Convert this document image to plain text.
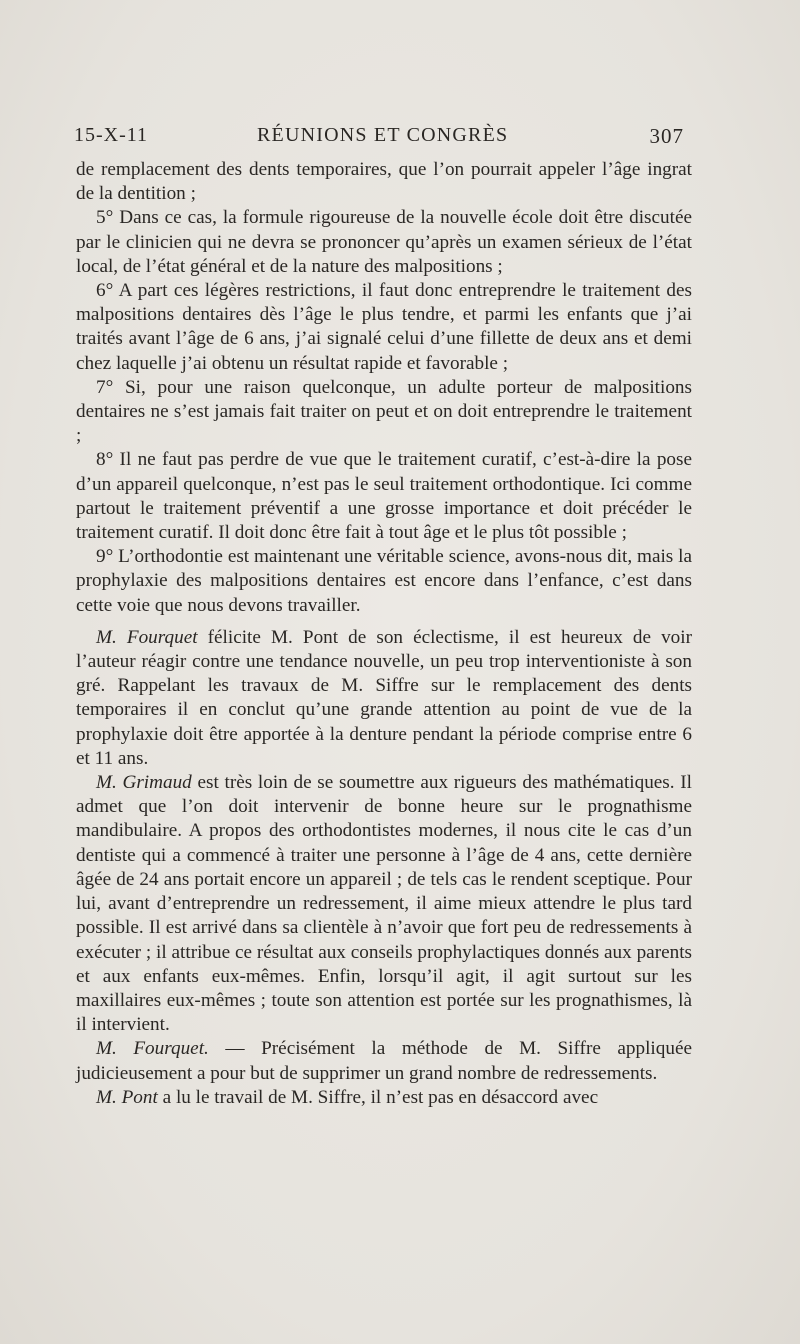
15-X-11	RÉUNIONS ET CONGRÈS	307

de remplacement des dents temporaires, que l’on pourrait appeler l’âge ingrat de la dentition ;

5° Dans ce cas, la formule rigoureuse de la nouvelle école doit être discutée par le clinicien qui ne devra se prononcer qu’après un examen sérieux de l’état local, de l’état général et de la nature des malpositions ;

6° A part ces légères restrictions, il faut donc entreprendre le traitement des malpositions dentaires dès l’âge le plus tendre, et parmi les enfants que j’ai traités avant l’âge de 6 ans, j’ai signalé celui d’une fillette de deux ans et demi chez laquelle j’ai obtenu un résultat rapide et favorable ;

7° Si, pour une raison quelconque, un adulte porteur de malpositions dentaires ne s’est jamais fait traiter on peut et on doit entreprendre le traitement ;

8° Il ne faut pas perdre de vue que le traitement curatif, c’est-à-dire la pose d’un appareil quelconque, n’est pas le seul traitement orthodontique. Ici comme partout le traitement préventif a une grosse importance et doit précéder le traitement curatif. Il doit donc être fait à tout âge et le plus tôt possible ;

9° L’orthodontie est maintenant une véritable science, avons-nous dit, mais la prophylaxie des malpositions dentaires est encore dans l’enfance, c’est dans cette voie que nous devons travailler.

M. Fourquet félicite M. Pont de son éclectisme, il est heureux de voir l’auteur réagir contre une tendance nouvelle, un peu trop interventioniste à son gré. Rappelant les travaux de M. Siffre sur le remplacement des dents temporaires il en conclut qu’une grande attention au point de vue de la prophylaxie doit être apportée à la denture pendant la période comprise entre 6 et 11 ans.

M. Grimaud est très loin de se soumettre aux rigueurs des mathématiques. Il admet que l’on doit intervenir de bonne heure sur le prognathisme mandibulaire. A propos des orthodontistes modernes, il nous cite le cas d’un dentiste qui a commencé à traiter une personne à l’âge de 4 ans, cette dernière âgée de 24 ans portait encore un appareil ; de tels cas le rendent sceptique. Pour lui, avant d’entreprendre un redressement, il aime mieux attendre le plus tard possible. Il est arrivé dans sa clientèle à n’avoir que fort peu de redressements à exécuter ; il attribue ce résultat aux conseils prophylactiques donnés aux parents et aux enfants eux-mêmes. Enfin, lorsqu’il agit, il agit surtout sur les maxillaires eux-mêmes ; toute son attention est portée sur les prognathismes, là il intervient.

M. Fourquet. — Précisément la méthode de M. Siffre appliquée judicieusement a pour but de supprimer un grand nombre de redressements.

M. Pont a lu le travail de M. Siffre, il n’est pas en désaccord avec
